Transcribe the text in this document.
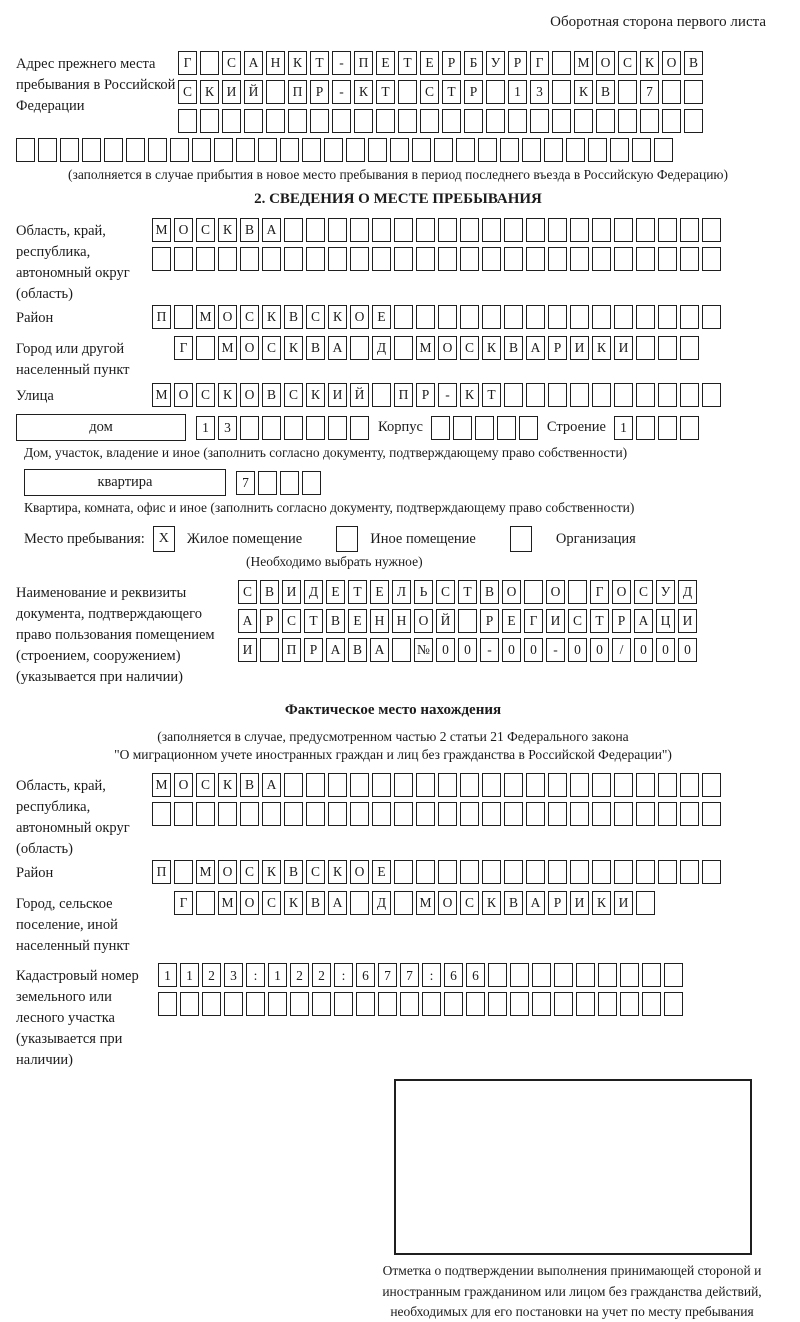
Оборотная сторона первого листа
Адрес прежнего места пребывания в Российской Федерации
Г	С А Н К Т	-	П Е	Т	Е	Р	Б У Р	Г	М О С К О В
С К И Й	П Р	-	К Т	С Т	Р	1	3	К В	7
(заполняется в случае прибытия в новое место пребывания в период последнего въезда в Российскую Федерацию)
2. СВЕДЕНИЯ О МЕСТЕ ПРЕБЫВАНИЯ
Область, край, республика, автономный округ (область)
М О С К В А
Район	П	М О С К В С К О Е
Город или другой населенный пункт
Г	М О С К В А	Д	М О С К В А Р И К И
Улица	М О С К О В С К И Й	П Р	-	К Т
дом	1	3	Корпус	Строение	1
Дом, участок, владение и иное (заполнить согласно документу, подтверждающему право собственности)
квартира	7
Квартира, комната, офис и иное (заполнить согласно документу, подтверждающему право собственности)
Место пребывания: X	Жилое помещение	Иное помещение	Организация
(Необходимо выбрать нужное)
Наименование и реквизиты документа, подтверждающего право пользования помещением (строением, сооружением) (указывается при наличии)
С В И Д Е	Т	Е Л	Ь	С Т В О	О	Г О С У Д
А Р	С Т В Е Н Н О Й	Р	Е	Г И С Т	Р А Ц И
И	П Р А В А	№ 0	0	-	0	0	-	0	0	/	0	0	0
Фактическое место нахождения
(заполняется в случае, предусмотренном частью 2 статьи 21 Федерального закона
"О миграционном учете иностранных граждан и лиц без гражданства в Российской Федерации")
Область, край, республика, автономный округ (область)
М О С К В А
Район	П	М О С К В С К О Е
Город, сельское поселение, иной населенный пункт
Г	М О С К В А	Д	М О С К В А Р И К И
Кадастровый номер земельного или лесного участка (указывается при наличии)
1	1	2	3	:	1	2	2	:	6	7	7	:	6	6
Отметка о подтверждении выполнения принимающей стороной и иностранным гражданином или лицом без гражданства действий, необходимых для его постановки на учет по месту пребывания
